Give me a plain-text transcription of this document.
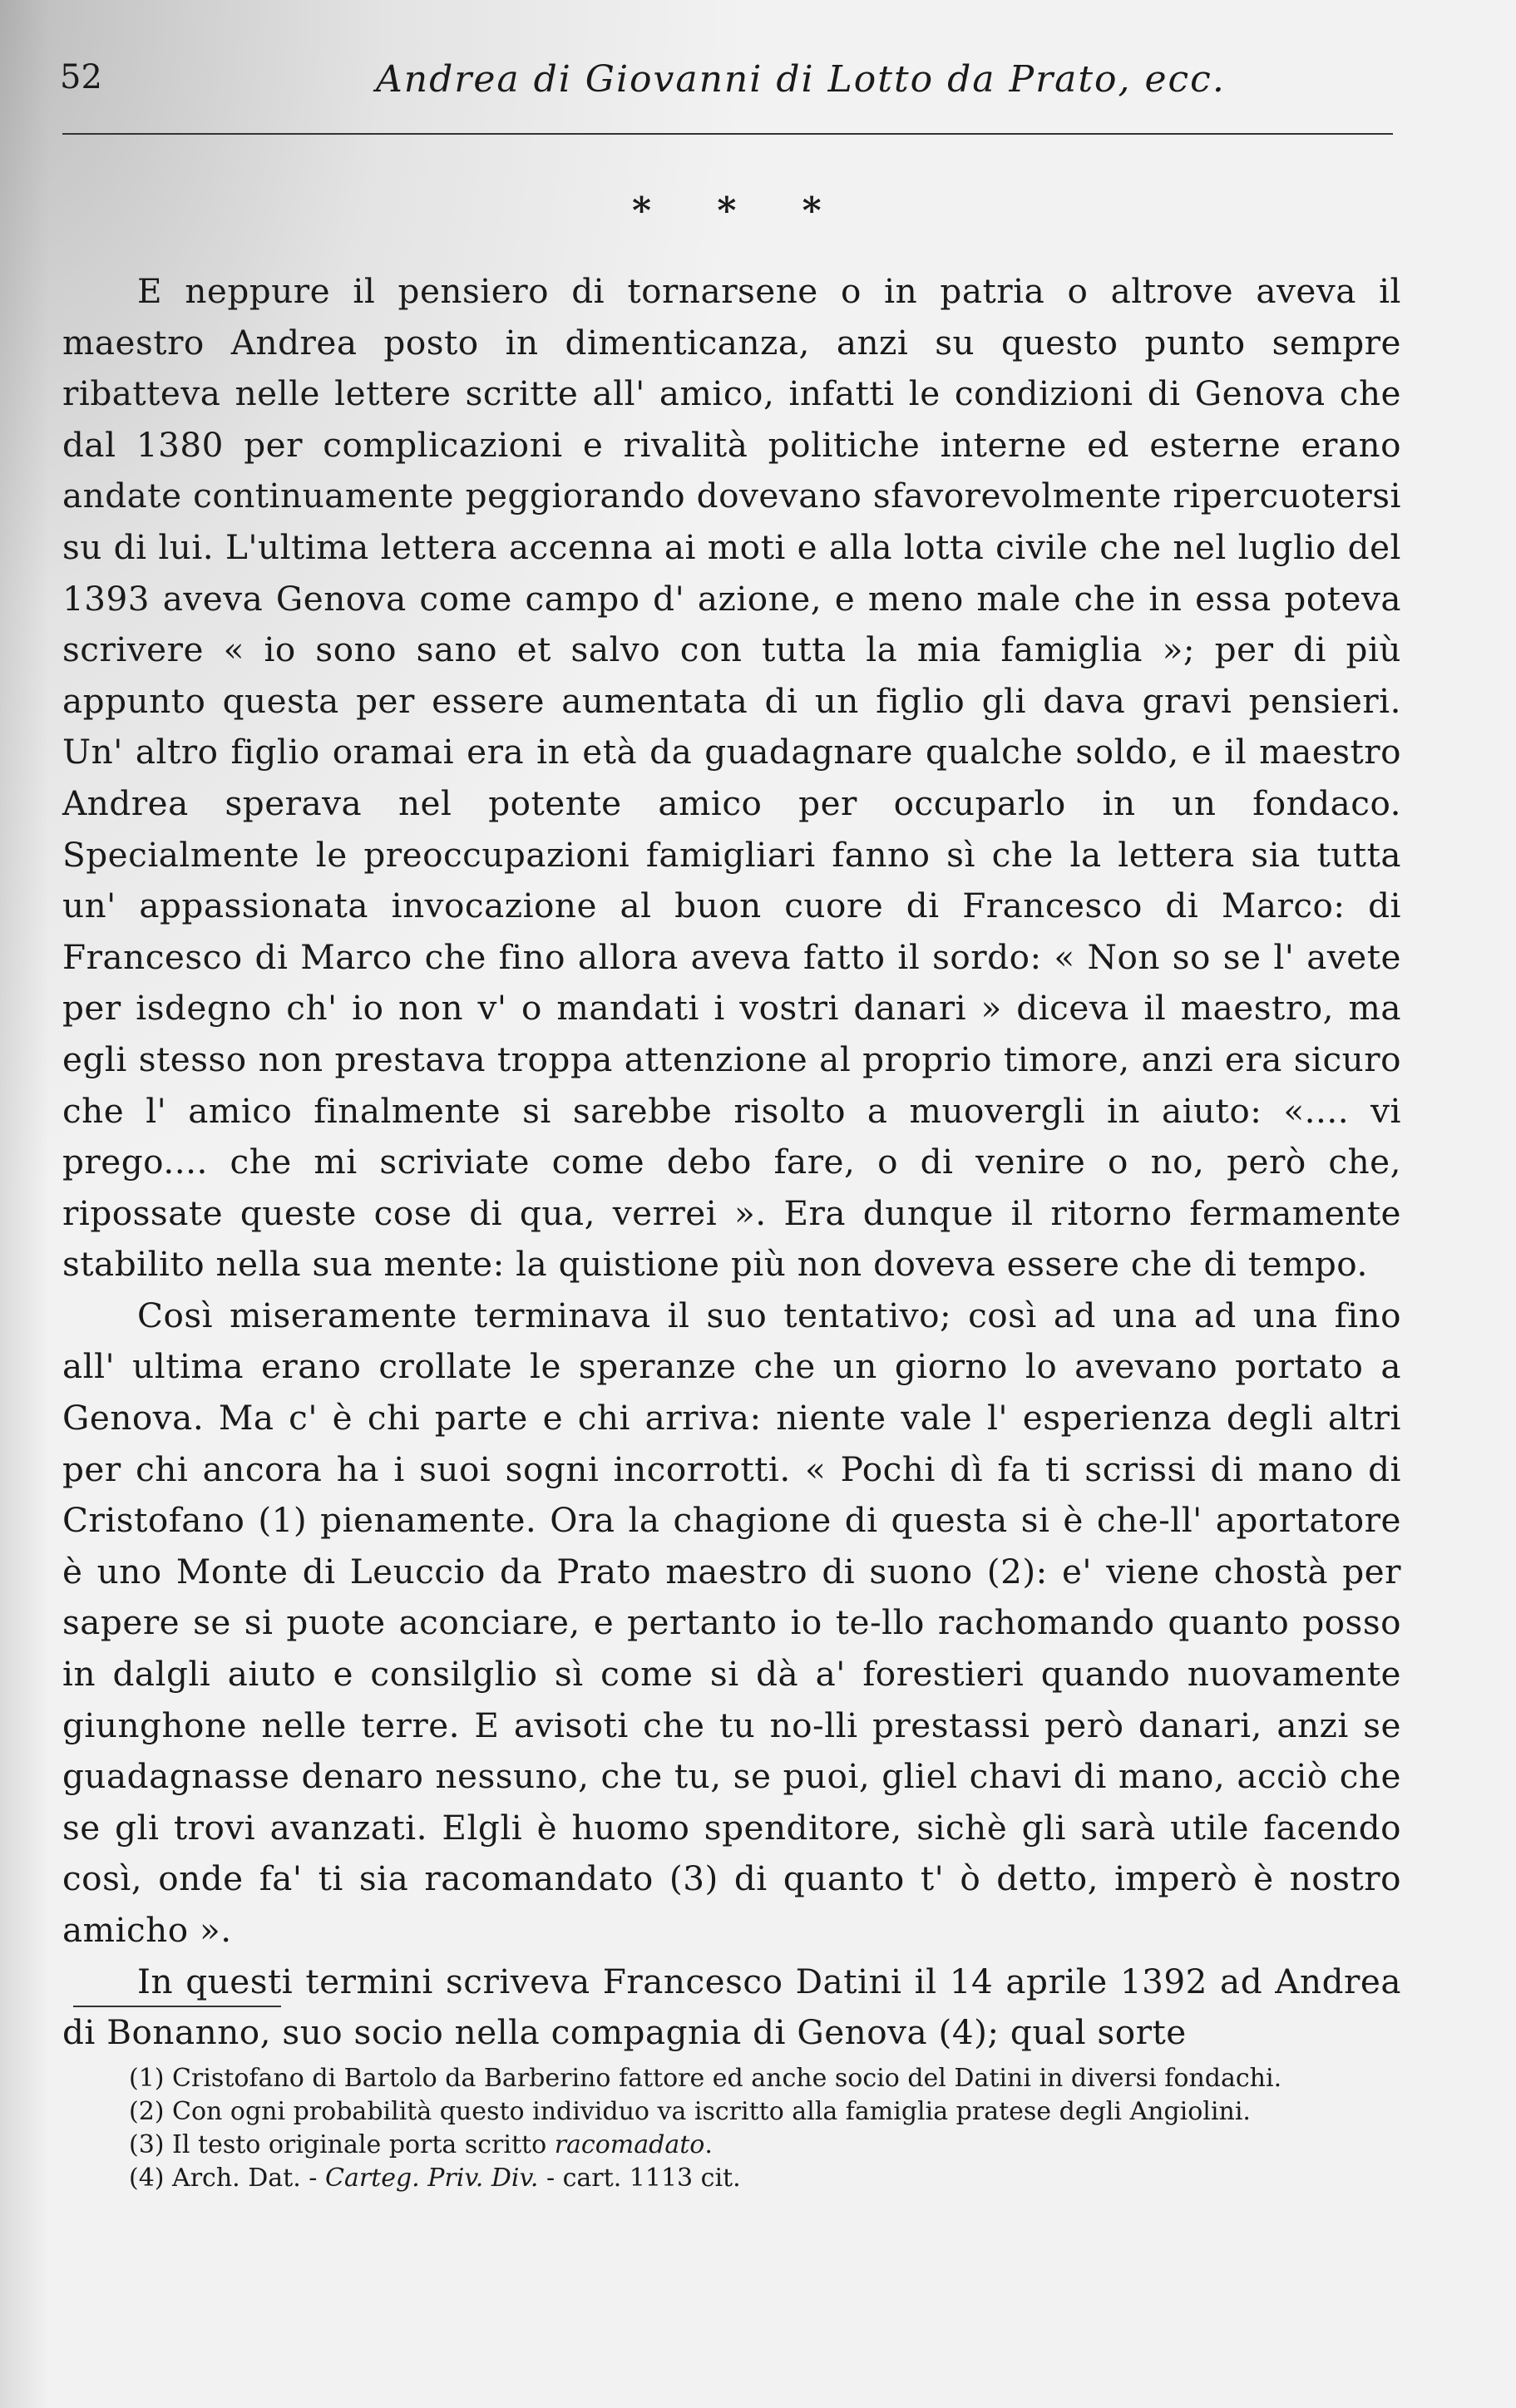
52	Andrea di Giovanni di Lotto da Prato, ecc.
* * *

E neppure il pensiero di tornarsene o in patria o altrove aveva il maestro Andrea posto in dimenticanza, anzi su questo punto sempre ribatteva nelle lettere scritte all' amico, infatti le condizioni di Genova che dal 1380 per complicazioni e rivalità politiche interne ed esterne erano andate continuamente peggiorando dovevano sfavorevolmente ripercuotersi su di lui. L'ultima lettera accenna ai moti e alla lotta civile che nel luglio del 1393 aveva Genova come campo d' azione, e meno male che in essa poteva scrivere « io sono sano et salvo con tutta la mia famiglia »; per di più appunto questa per essere aumentata di un figlio gli dava gravi pensieri. Un' altro figlio oramai era in età da guadagnare qualche soldo, e il maestro Andrea sperava nel potente amico per occuparlo in un fondaco. Specialmente le preoccupazioni famigliari fanno sì che la lettera sia tutta un' appassionata invocazione al buon cuore di Francesco di Marco: di Francesco di Marco che fino allora aveva fatto il sordo: « Non so se l' avete per isdegno ch' io non v' o mandati i vostri danari » diceva il maestro, ma egli stesso non prestava troppa attenzione al proprio timore, anzi era sicuro che l' amico finalmente si sarebbe risolto a muovergli in aiuto: «.... vi prego.... che mi scriviate come debo fare, o di venire o no, però che, ripossate queste cose di qua, verrei ». Era dunque il ritorno fermamente stabilito nella sua mente: la quistione più non doveva essere che di tempo.

Così miseramente terminava il suo tentativo; così ad una ad una fino all' ultima erano crollate le speranze che un giorno lo avevano portato a Genova. Ma c' è chi parte e chi arriva: niente vale l' esperienza degli altri per chi ancora ha i suoi sogni incorrotti. « Pochi dì fa ti scrissi di mano di Cristofano (1) pienamente. Ora la chagione di questa si è che-ll' aportatore è uno Monte di Leuccio da Prato maestro di suono (2): e' viene chostà per sapere se si puote aconciare, e pertanto io te-llo rachomando quanto posso in dalgli aiuto e consilglio sì come si dà a' forestieri quando nuovamente giunghone nelle terre. E avisoti che tu no-lli prestassi però danari, anzi se guadagnasse denaro nessuno, che tu, se puoi, gliel chavi di mano, acciò che se gli trovi avanzati. Elgli è huomo spenditore, sichè gli sarà utile facendo così, onde fa' ti sia racomandato (3) di quanto t' ò detto, imperò è nostro amicho ».

In questi termini scriveva Francesco Datini il 14 aprile 1392 ad Andrea di Bonanno, suo socio nella compagnia di Genova (4); qual sorte

(1) Cristofano di Bartolo da Barberino fattore ed anche socio del Datini in diversi fondachi.

(2) Con ogni probabilità questo individuo va iscritto alla famiglia pratese degli Angiolini.

(3) Il testo originale porta scritto racomadato.

(4) Arch. Dat. - Carteg. Priv. Div. - cart. 1113 cit.
